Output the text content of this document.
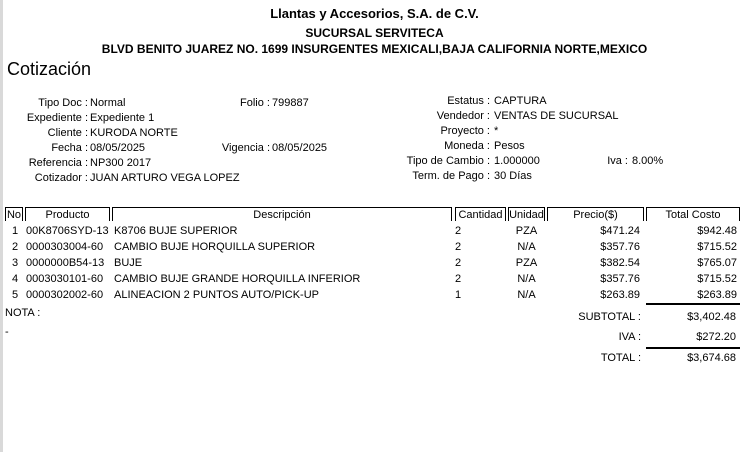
Llantas y Accesorios, S.A. de C.V.
SUCURSAL SERVITECA
BLVD BENITO JUAREZ NO. 1699 INSURGENTES MEXICALI,BAJA CALIFORNIA NORTE,MEXICO
Cotización
Tipo Doc : Normal
Expediente : Expediente 1
Cliente : KURODA NORTE
Fecha : 08/05/2025
Referencia : NP300 2017
Cotizador : JUAN ARTURO VEGA LOPEZ
Folio : 799887
Vigencia : 08/05/2025
Estatus : CAPTURA
Vendedor : VENTAS DE SUCURSAL
Proyecto : *
Moneda : Pesos
Tipo de Cambio : 1.000000
Term. de Pago : 30 Días
Iva : 8.00%
No	Producto	Descripción	Cantidad Unidad	Precio($)	Total Costo
1 00K8706SYD-13 K8706 BUJE SUPERIOR	2	PZA	$471.24	$942.48
2 0000303004-60 CAMBIO BUJE HORQUILLA SUPERIOR	2	N/A	$357.76	$715.52
3 0000000B54-13 BUJE	2	PZA	$382.54	$765.07
4 0003030101-60 CAMBIO BUJE GRANDE HORQUILLA INFERIOR	2	N/A	$357.76	$715.52
5 0000302002-60 ALINEACION 2 PUNTOS AUTO/PICK-UP	1	N/A	$263.89	$263.89
NOTA :
-
SUBTOTAL :	$3,402.48
IVA :	$272.20
TOTAL :	$3,674.68
